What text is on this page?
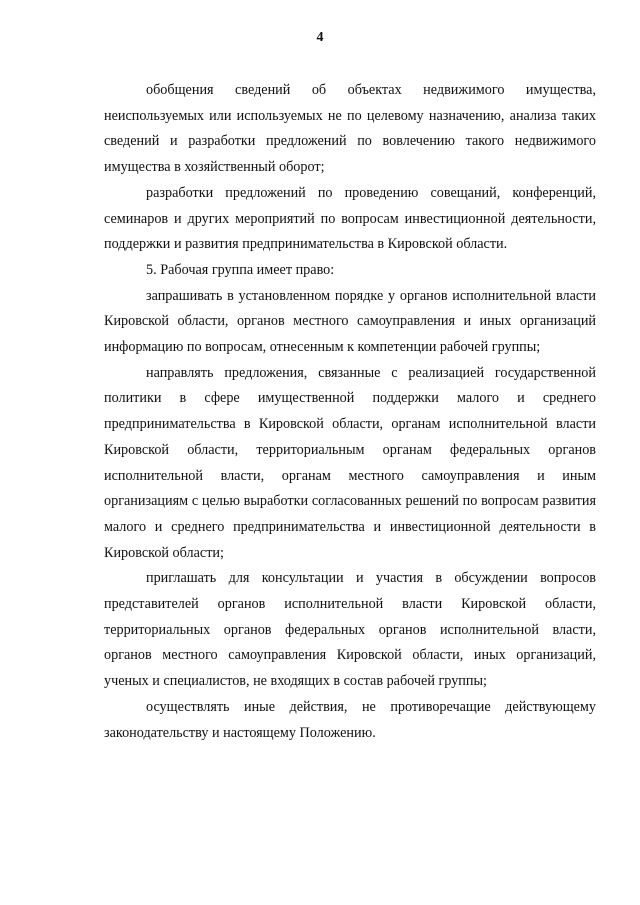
4

обобщения сведений об объектах недвижимого имущества, неиспользуемых или используемых не по целевому назначению, анализа таких сведений и разработки предложений по вовлечению такого недвижимого имущества в хозяйственный оборот;

разработки предложений по проведению совещаний, конференций, семинаров и других мероприятий по вопросам инвестиционной деятельности, поддержки и развития предпринимательства в Кировской области.

5. Рабочая группа имеет право:

запрашивать в установленном порядке у органов исполнительной власти Кировской области, органов местного самоуправления и иных организаций информацию по вопросам, отнесенным к компетенции рабочей группы;

направлять предложения, связанные с реализацией государственной политики в сфере имущественной поддержки малого и среднего предпринимательства в Кировской области, органам исполнительной власти Кировской области, территориальным органам федеральных органов исполнительной власти, органам местного самоуправления и иным организациям с целью выработки согласованных решений по вопросам развития малого и среднего предпринимательства и инвестиционной деятельности в Кировской области;

приглашать для консультации и участия в обсуждении вопросов представителей органов исполнительной власти Кировской области, территориальных органов федеральных органов исполнительной власти, органов местного самоуправления Кировской области, иных организаций, ученых и специалистов, не входящих в состав рабочей группы;

осуществлять иные действия, не противоречащие действующему законодательству и настоящему Положению.
